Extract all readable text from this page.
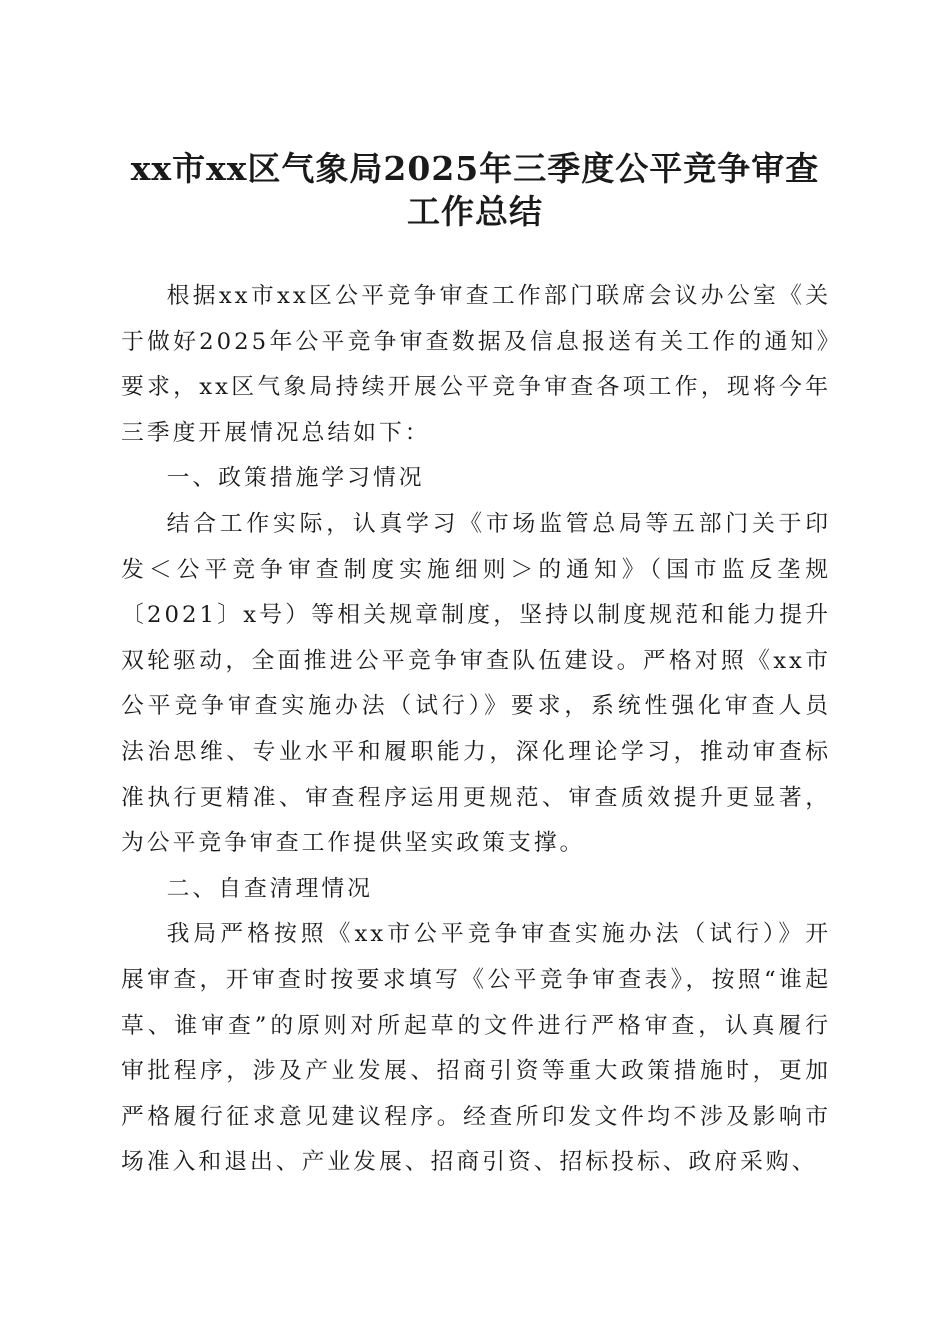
xx市xx区气象局2025年三季度公平竞争审查
工作总结

根据xx市xx区公平竞争审查工作部门联席会议办公室《关于做好2025年公平竞争审查数据及信息报送有关工作的通知》要求，xx区气象局持续开展公平竞争审查各项工作，现将今年三季度开展情况总结如下：

一、政策措施学习情况

结合工作实际，认真学习《市场监管总局等五部门关于印发＜公平竞争审查制度实施细则＞的通知》（国市监反垄规〔2021〕x号）等相关规章制度，坚持以制度规范和能力提升双轮驱动，全面推进公平竞争审查队伍建设。严格对照《xx市公平竞争审查实施办法（试行）》要求，系统性强化审查人员法治思维、专业水平和履职能力，深化理论学习，推动审查标准执行更精准、审查程序运用更规范、审查质效提升更显著，为公平竞争审查工作提供坚实政策支撑。

二、自查清理情况

我局严格按照《xx市公平竞争审查实施办法（试行）》开展审查，开审查时按要求填写《公平竞争审查表》，按照“谁起草、谁审查”的原则对所起草的文件进行严格审查，认真履行审批程序，涉及产业发展、招商引资等重大政策措施时，更加严格履行征求意见建议程序。经查所印发文件均不涉及影响市场准入和退出、产业发展、招商引资、招标投标、政府采购、
